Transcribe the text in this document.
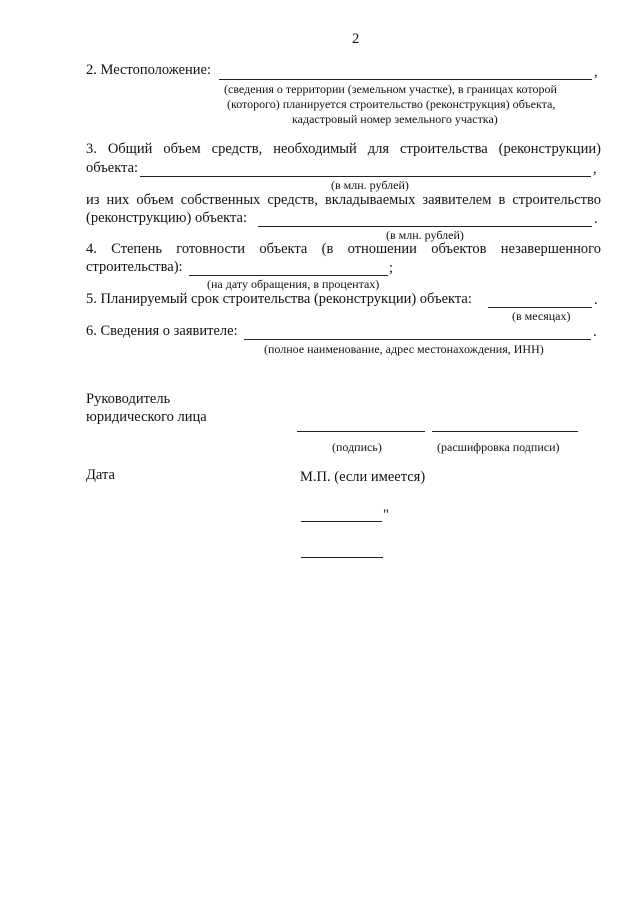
2
2. Местоположение:	,
(сведения о территории (земельном участке), в границах которой
(которого) планируется строительство (реконструкция) объекта,
кадастровый номер земельного участка)
3. Общий объем средств, необходимый для строительства (реконструкции)
объекта:	,
(в млн. рублей)
из них объем собственных средств, вкладываемых заявителем в строительство
(реконструкцию) объекта:	.
(в млн. рублей)
4. Степень готовности объекта (в отношении объектов незавершенного
строительства):	;
(на дату обращения, в процентах)
5. Планируемый срок строительства (реконструкции) объекта:	.
(в месяцах)
6. Сведения о заявителе:	.
(полное наименование, адрес местонахождения, ИНН)
Руководитель
юридического лица
(подпись)	(расшифровка подписи)
Дата	М.П. (если имеется)
"
